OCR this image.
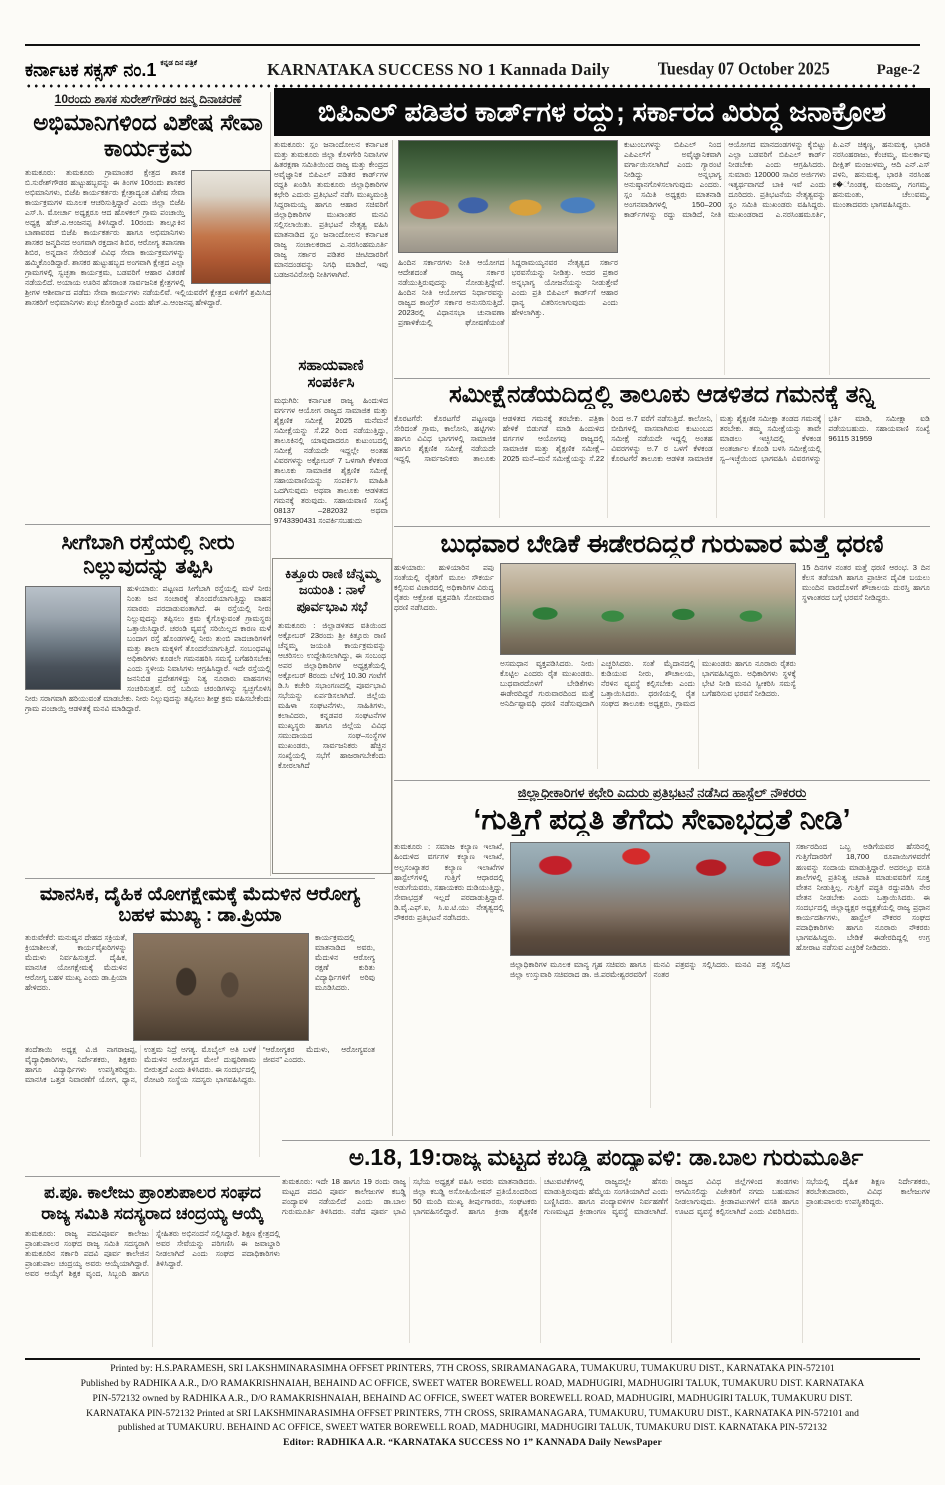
ಕರ್ನಾಟಕ ಸಕ್ಸಸ್ ನಂ.1 $^{ಕನ್ನಡ ದಿನ ಪತ್ರಿಕೆ}$	KARNATAKA SUCCESS NO 1 Kannada Daily	Tuesday 07 October 2025	Page-2
10ರಂದು ಶಾಸಕ ಸುರೇಶ್‌ಗೌಡರ ಜನ್ಮ ದಿನಾಚರಣೆ
ಅಭಿಮಾನಿಗಳಿಂದ ವಿಶೇಷ ಸೇವಾ ಕಾರ್ಯಕ್ರಮ
ತುಮಕೂರು: ತುಮಕೂರು ಗ್ರಾಮಾಂತರ ಕ್ಷೇತ್ರದ ಶಾಸಕ ಬಿ.ಸುರೇಶ್‌ಗೌಡರ ಹುಟ್ಟುಹಬ್ಬವನ್ನು ಈ ತಿಂಗಳ 10ರಂದು ಶಾಸಕರ ಅಭಿಮಾನಿಗಳು, ಬಿಜೆಪಿ ಕಾರ್ಯಕರ್ತರು ಕ್ಷೇತ್ರಾದ್ಯಂತ ವಿಶೇಷ ಸೇವಾ ಕಾರ್ಯಕ್ರಮಗಳ ಮೂಲಕ ಆಚರಿಸುತ್ತಿದ್ದಾರೆ ಎಂದು ಜಿಲ್ಲಾ ಬಿಜೆಪಿ ಎಸ್.ಸಿ. ಮೋರ್ಚಾ ಅಧ್ಯಕ್ಷರೂ ಆದ ಹೊಳಕಲ್ ಗ್ರಾಮ ಪಂಚಾಯ್ತಿ ಅಧ್ಯಕ್ಷ ಹೆಚ್.ಎ.ಆಂಜನಪ್ಪ ತಿಳಿಸಿದ್ದಾರೆ. 10ರಂದು ತಾಲ್ಲೂಕಿನ ಬಾಣಾವರದ ಬಿಜೆಪಿ ಕಾರ್ಯಕರ್ತರು ಹಾಗೂ ಅಭಿಮಾನಿಗಳು ಶಾಸಕರ ಜನ್ಮದಿನದ ಅಂಗವಾಗಿ ರಕ್ತದಾನ ಶಿಬಿರ, ಆರೋಗ್ಯ ತಪಾಸಣಾ ಶಿಬಿರ, ಅನ್ನದಾನ ಸೇರಿದಂತೆ ವಿವಿಧ ಸೇವಾ ಕಾರ್ಯಕ್ರಮಗಳನ್ನು ಹಮ್ಮಿಕೊಂಡಿದ್ದಾರೆ. ಶಾಸಕರ ಹುಟ್ಟುಹಬ್ಬದ ಅಂಗವಾಗಿ ಕ್ಷೇತ್ರದ ಎಲ್ಲಾ ಗ್ರಾಮಗಳಲ್ಲಿ ಸ್ವಚ್ಛತಾ ಕಾರ್ಯಕ್ರಮ, ಬಡವರಿಗೆ ಆಹಾರ ವಿತರಣೆ ನಡೆಯಲಿದೆ. ಅಯಾಯ ಊರಿನ ಹೆಸರಾಂತ ಸಾರ್ವಜನಿಕ ಕ್ಷೇತ್ರಗಳಲ್ಲಿ ಶ್ರೀಗಳ ಆಶೀರ್ವಾದ ಪಡೆದು ಸೇವಾ ಕಾರ್ಯಗಳು ನಡೆಯಲಿವೆ. ಇಲ್ಲಿಯವರೆಗೆ ಕ್ಷೇತ್ರದ ಏಳಿಗೆಗೆ ಶ್ರಮಿಸಿದ ಶಾಸಕರಿಗೆ ಅಭಿಮಾನಿಗಳು ಶುಭ ಕೋರಿದ್ದಾರೆ ಎಂದು ಹೆಚ್.ಎ.ಆಂಜನಪ್ಪ ಹೇಳಿದ್ದಾರೆ.
ಬಿಪಿಎಲ್ ಪಡಿತರ ಕಾರ್ಡ್‌ಗಳ ರದ್ದು; ಸರ್ಕಾರದ ವಿರುದ್ಧ ಜನಾಕ್ರೋಶ
ತುಮಕೂರು: ಸ್ಲಂ ಜನಾಂದೋಲನ ಕರ್ನಾಟಕ ಮತ್ತು ತುಮಕೂರು ಜಿಲ್ಲಾ ಕೊಳಗೇರಿ ನಿವಾಸಿಗಳ ಹಿತರಕ್ಷಣಾ ಸಮಿತಿಯಿಂದ ರಾಜ್ಯ ಮತ್ತು ಕೇಂದ್ರದ ಅವೈಜ್ಞಾನಿಕ ಬಿಪಿಎಲ್ ಪಡಿತರ ಕಾರ್ಡ್‌ಗಳ ರದ್ದತಿ ಖಂಡಿಸಿ ತುಮಕೂರು ಜಿಲ್ಲಾಧಿಕಾರಿಗಳ ಕಛೇರಿ ಎದುರು ಪ್ರತಿಭಟನೆ ನಡೆಸಿ ಮುಖ್ಯಮಂತ್ರಿ ಸಿದ್ದರಾಮಯ್ಯ ಹಾಗೂ ಆಹಾರ ಸಚಿವರಿಗೆ ಜಿಲ್ಲಾಧಿಕಾರಿಗಳ ಮುಖಾಂತರ ಮನವಿ ಸಲ್ಲಿಸಲಾಯಿತು. ಪ್ರತಿಭಟನೆ ನೇತೃತ್ವ ವಹಿಸಿ ಮಾತನಾಡಿದ ಸ್ಲಂ ಜನಾಂದೋಲನ ಕರ್ನಾಟಕ ರಾಜ್ಯ ಸಂಚಾಲಕರಾದ ಎ.ನರಸಿಂಹಮೂರ್ತಿ ರಾಜ್ಯ ಸರ್ಕಾರ ಪಡಿತರ ಚೀಟಿದಾರರಿಗೆ ಮಾನದಂಡವನ್ನು ನಿಗಧಿ ಮಾಡಿದೆ, ಇವು ಬಡಜನವಿರೋಧಿ ನೀತಿಗಳಾಗಿವೆ.
ಹಿಂದಿನ ಸರ್ಕಾರಗಳು ನೀತಿ ಆಯೋಗದ ಆದೇಶದಂತೆ ರಾಜ್ಯ ಸರ್ಕಾರ ನಡೆಯುತ್ತಿರುವುದನ್ನು ನೋಡುತ್ತಿದ್ದೇವೆ. ಹಿಂದಿನ ನೀತಿ ಆಯೋಗದ ನಿರ್ಧಾರವನ್ನು ರಾಜ್ಯದ ಕಾಂಗ್ರೆಸ್ ಸರ್ಕಾರ ಅನುಸರಿಸುತ್ತಿದೆ. 2023ರಲ್ಲಿ ವಿಧಾನಸಭಾ ಚುನಾವಣಾ ಪ್ರಣಾಳಿಕೆಯಲ್ಲಿ ಘೋಷಣೆಯಂತೆ ಸಿದ್ದರಾಮಯ್ಯನವರ ನೇತೃತ್ವದ ಸರ್ಕಾರ ಭರವಸೆಯನ್ನು ನೀಡಿತ್ತು. ಅದರ ಪ್ರಕಾರ ಅನ್ನಭಾಗ್ಯ ಯೋಜನೆಯನ್ನು ನೀಡುತ್ತೇವೆ ಎಂದು ಪ್ರತಿ ಬಿಪಿಎಲ್ ಕಾರ್ಡ್‌ಗೆ ಆಹಾರ ಧಾನ್ಯ ವಿತರಿಸಲಾಗುವುದು ಎಂದು ಹೇಳಲಾಗಿತ್ತು.
ಕುಟುಂಬಗಳನ್ನು ಬಿಪಿಎಲ್ ನಿಂದ ಎಪಿಎಲ್‌ಗೆ ಅವೈಜ್ಞಾನಿಕವಾಗಿ ವರ್ಗಾಯಿಸಲಾಗಿದೆ ಎಂದು ಗ್ಯಾರಂಟಿ ನೀಡಿದ್ದು ಅನ್ನಭಾಗ್ಯ ಅನುಷ್ಠಾನಗೊಳಿಸಲಾಗುವುದು ಎಂದರು. ಸ್ಲಂ ಸಮಿತಿ ಅಧ್ಯಕ್ಷರು ಮಾತನಾಡಿ ಅಂಗನವಾಡಿಗಳಲ್ಲಿ 150–200 ಕಾರ್ಡ್‌ಗಳನ್ನು ರದ್ದು ಮಾಡಿದೆ, ನೀತಿ ಆಯೋಗದ ಮಾನದಂಡಗಳನ್ನು ಕೈಬಿಟ್ಟು ಎಲ್ಲಾ ಬಡವರಿಗೆ ಬಿಪಿಎಲ್ ಕಾರ್ಡ್ ನೀಡಬೇಕು ಎಂದು ಆಗ್ರಹಿಸಿದರು. ಸುಮಾರು 120000 ಸಾವಿರ ಅರ್ಜಿಗಳು ಇತ್ಯರ್ಥವಾಗದೆ ಬಾಕಿ ಇವೆ ಎಂದು ದೂರಿದರು. ಪ್ರತಿಭಟನೆಯ ನೇತೃತ್ವವನ್ನು ಸ್ಲಂ ಸಮಿತಿ ಮುಖಂಡರು ವಹಿಸಿದ್ದರು. ಮುಖಂಡರಾದ ಎ.ನರಸಿಂಹಮೂರ್ತಿ, ಪಿ.ಎನ್ ಚಿಕ್ಕಣ್ಣ, ಹನುಮಕ್ಕ, ಭಾರತಿ ನರಸಿಂಹರಾಜು, ಕೆಂಚಮ್ಮ, ಮಲರ್ಕಾವು ದೀಕ್ಷಿತ್ ಮಂಜುಳಮ್ಮ, ಆದಿ ಎನ್.ಎಸ್ ಪಳನಿ, ಹನುಮಕ್ಕ, ಭಾರತಿ ನರಸಿಂಹ ಕ�ೊಂಡಕ್ಕ, ಮಂಜಮ್ಮ, ಗಂಗಮ್ಮ, ಹನುಮಂತು, ಚೆಲುವಮ್ಮ, ಮುಂತಾದವರು ಭಾಗವಹಿಸಿದ್ದರು.
ಸಹಾಯವಾಣಿ ಸಂಪರ್ಕಿಸಿ
ಮಧುಗಿರಿ: ಕರ್ನಾಟಕ ರಾಜ್ಯ ಹಿಂದುಳಿದ ವರ್ಗಗಳ ಆಯೋಗ ರಾಜ್ಯದ ಸಾಮಾಜಿಕ ಮತ್ತು ಶೈಕ್ಷಣಿಕ ಸಮೀಕ್ಷೆ 2025 ಮನೆಮನೆ ಸಮೀಕ್ಷೆಯನ್ನು ಸೆ.22 ರಿಂದ ನಡೆಯುತ್ತಿದ್ದು, ತಾಲೂಕಿನಲ್ಲಿ ಯಾವುದಾದರೂ ಕುಟುಂಬದಲ್ಲಿ ಸಮೀಕ್ಷೆ ನಡೆಯದೇ ಇದ್ದಲ್ಲೇ ಅಂತಹ ವಿವರಗಳನ್ನು ಅಕ್ಟೋಬರ್ 7 ಒಳಗಾಗಿ ಕೆಳಕಂಡ ತಾಲೂಕು ಸಾಮಾಜಿಕ ಶೈಕ್ಷಣಿಕ ಸಮೀಕ್ಷೆ ಸಹಾಯವಾಣಿಯನ್ನು ಸಂಪರ್ಕಿಸಿ ಮಾಹಿತಿ ಒದಗಿಸುವುದು ಅಥವಾ ತಾಲೂಕು ಆಡಳಿತದ ಗಮನಕ್ಕೆ ತರುವುದು. ಸಹಾಯವಾಣಿ ಸಂಖ್ಯೆ 08137 –282032 ಅಥವಾ 9743390431 ಸಂಪರ್ಕಿಸಬಹುದು
ಕಿತ್ತೂರು ರಾಣಿ ಚೆನ್ನಮ್ಮ ಜಯಂತಿ : ನಾಳೆ ಪೂರ್ವಭಾವಿ ಸಭೆ
ತುಮಕೂರು : ಜಿಲ್ಲಾಡಳಿತದ ವತಿಯಿಂದ ಅಕ್ಟೋಬರ್ 23ರಂದು ಶ್ರೀ ಕಿತ್ತೂರು ರಾಣಿ ಚೆನ್ನಮ್ಮ ಜಯಂತಿ ಕಾರ್ಯಕ್ರಮವನ್ನು ಆಚರಿಸಲು ಉದ್ದೇಶಿಸಲಾಗಿದ್ದು, ಈ ಸಂಬಂಧ ಅಪರ ಜಿಲ್ಲಾಧಿಕಾರಿಗಳ ಅಧ್ಯಕ್ಷತೆಯಲ್ಲಿ ಅಕ್ಟೋಬರ್ 8ರಂದು ಬೆಳಿಗ್ಗೆ 10.30 ಗಂಟೆಗೆ ಡಿ.ಸಿ ಕಚೇರಿ ಸಭಾಂಗಣದಲ್ಲಿ ಪೂರ್ವಭಾವಿ ಸಭೆಯನ್ನು ಏರ್ಪಡಿಸಲಾಗಿದೆ. ಜಿಲ್ಲೆಯ ಮಹಿಳಾ ಸಂಘಟನೆಗಳು, ಸಾಹಿತಿಗಳು, ಕಲಾವಿದರು, ಕನ್ನಡಪರ ಸಂಘಟನೆಗಳ ಮುಖ್ಯಸ್ಥರು ಹಾಗೂ ಜಿಲ್ಲೆಯ ವಿವಿಧ ಸಮುದಾಯದ ಸಂಘ–ಸಂಸ್ಥೆಗಳ ಮುಖಂಡರು, ಸಾರ್ವಜನಿಕರು ಹೆಚ್ಚಿನ ಸಂಖ್ಯೆಯಲ್ಲಿ ಸಭೆಗೆ ಹಾಜರಾಗಬೇಕೆಂದು ಕೋರಲಾಗಿದೆ
ಸಮೀಕ್ಷೆನಡೆಯದಿದ್ದಲ್ಲಿ ತಾಲೂಕು ಆಡಳಿತದ ಗಮನಕ್ಕೆ ತನ್ನಿ
ಕೊರಟಗೆರೆ: ಕೊರಟಗೆರೆ ಪಟ್ಟಣವೂ ಸೇರಿದಂತೆ ಗ್ರಾಮ, ಕಾಲೋನಿ, ಹಟ್ಟಿಗಳು ಹಾಗೂ ವಿವಿಧ ಭಾಗಗಳಲ್ಲಿ ಸಾಮಾಜಿಕ ಹಾಗೂ ಶೈಕ್ಷಣಿಕ ಸಮೀಕ್ಷೆ ನಡೆಯದೇ ಇದ್ದಲ್ಲಿ ಸಾರ್ವಜನಿಕರು ತಾಲೂಕು ಆಡಳಿತದ ಗಮನಕ್ಕೆ ತರಬೇಕು. ಪತ್ರಿಕಾ ಹೇಳಿಕೆ ಬಿಡುಗಡೆ ಮಾಡಿ ಹಿಂದುಳಿದ ವರ್ಗಗಳ ಆಯೋಗವು ರಾಜ್ಯದಲ್ಲಿ ಸಾಮಾಜಿಕ ಮತ್ತು ಶೈಕ್ಷಣಿಕ ಸಮೀಕ್ಷೆ–2025 ಮನೆ–ಮನೆ ಸಮೀಕ್ಷೆಯನ್ನು ಸೆ.22 ರಿಂದ ಅ.7 ವರೆಗೆ ನಡೆಸುತ್ತಿದೆ. ಕಾಲೋನಿ, ಬೀದಿಗಳಲ್ಲಿ ವಾಸವಾಗಿರುವ ಕುಟುಂಬದ ಸಮೀಕ್ಷೆ ನಡೆಯದೇ ಇದ್ದಲ್ಲಿ ಅಂತಹ ವಿವರಗಳನ್ನು ಅ.7 ರ ಒಳಗೆ ಕೆಳಕಂಡ ಕೊರಟಗೆರೆ ತಾಲೂಕು ಆಡಳಿತ ಸಾಮಾಜಿಕ ಮತ್ತು ಶೈಕ್ಷಣಿಕ ಸಮೀಕ್ಷಾ ತಂಡದ ಗಮನಕ್ಕೆ ತರಬೇಕು. ತಮ್ಮ ಸಮೀಕ್ಷೆಯನ್ನು ತಾವೇ ಮಾಡಲು ಇಚ್ಛಿಸಿದಲ್ಲಿ ಕೆಳಕಂಡ ಅಂತರ್ಜಾಲ ಕೊಂಡಿ ಬಳಸಿ ಸಮೀಕ್ಷೆಯಲ್ಲಿ ಸ್ವ–ಇಚ್ಛೆಯಿಂದ ಭಾಗವಹಿಸಿ ವಿವರಗಳನ್ನು ಭರ್ತಿ ಮಾಡಿ, ಸಮೀಕ್ಷಾ ಐಡಿ ಪಡೆಯಬಹುದು. ಸಹಾಯವಾಣಿ ಸಂಖ್ಯೆ 96115 31959
ಬುಧವಾರ ಬೇಡಿಕೆ ಈಡೇರದಿದ್ದರೆ ಗುರುವಾರ ಮತ್ತೆ ಧರಣಿ
ಹುಳಿಯಾರು: ಹುಳಿಯಾರಿನ ಪಪು ಸಂತೆಯಲ್ಲಿ ರೈತರಿಗೆ ಮೂಲ ಸೌಕರ್ಯ ಕಲ್ಪಿಸುವ ವಿಚಾರದಲ್ಲಿ ಅಧಿಕಾರಿಗಳ ವಿರುದ್ಧ ರೈತರು ಆಕ್ರೋಶ ವ್ಯಕ್ತಪಡಿಸಿ ಸೋಮವಾರ ಧರಣಿ ನಡೆಸಿದರು.
ಅಸಮಧಾನ ವ್ಯಕ್ತಪಡಿಸಿದರು. ನೀರು ಕೊಟ್ಟಿಲ ಎಂದರು ರೈತ ಮುಖಂಡರು. ಬುಧವಾರದೊಳಗೆ ಬೇಡಿಕೆಗಳು ಈಡೇರದಿದ್ದರೆ ಗುರುವಾರದಿಂದ ಮತ್ತೆ ಅನಿರ್ದಿಷ್ಟಾವಧಿ ಧರಣಿ ನಡೆಸುವುದಾಗಿ ಎಚ್ಚರಿಸಿದರು. ಸಂತೆ ಮೈದಾನದಲ್ಲಿ ಕುಡಿಯುವ ನೀರು, ಶೌಚಾಲಯ, ನೆರಳಿನ ವ್ಯವಸ್ಥೆ ಕಲ್ಪಿಸಬೇಕು ಎಂದು ಒತ್ತಾಯಿಸಿದರು. ಧರಣಿಯಲ್ಲಿ ರೈತ ಸಂಘದ ತಾಲೂಕು ಅಧ್ಯಕ್ಷರು, ಗ್ರಾಮದ ಮುಖಂಡರು ಹಾಗೂ ನೂರಾರು ರೈತರು ಭಾಗವಹಿಸಿದ್ದರು. ಅಧಿಕಾರಿಗಳು ಸ್ಥಳಕ್ಕೆ ಭೇಟಿ ನೀಡಿ ಮನವಿ ಸ್ವೀಕರಿಸಿ ಸಮಸ್ಯೆ ಬಗೆಹರಿಸುವ ಭರವಸೆ ನೀಡಿದರು.
15 ದಿನಗಳ ನಂತರ ಮತ್ತೆ ಧರಣಿ ಆರಂಭ. 3 ದಿನ ಕೆಲಸ ತಡೆಯಾಗಿ ಹಾಗೂ ಪ್ರಾಚೀನ ದೈವಿಕ ಬಯಲು ಮುಂದಿನ ವಾರದೊಳಗೆ ಶೌಚಾಲಯ ದುರಸ್ತಿ ಹಾಗೂ ಸ್ಥಳಾಂತರದ ಬಗ್ಗೆ ಭರವಸೆ ನೀಡಿದ್ದರು.
ಸೀಗೆಬಾಗಿ ರಸ್ತೆಯಲ್ಲಿ ನೀರು ನಿಲ್ಲುವುದನ್ನು ತಪ್ಪಿಸಿ
ಹುಳಿಯಾರು: ಪಟ್ಟಣದ ಸೀಗೆಬಾಗಿ ರಸ್ತೆಯಲ್ಲಿ ಮಳೆ ನೀರು ನಿಂತು ಜನ ಸಂಚಾರಕ್ಕೆ ತೊಂದರೆಯಾಗುತ್ತಿದ್ದು ವಾಹನ ಸವಾರರು ಪರದಾಡುವಂತಾಗಿದೆ. ಈ ರಸ್ತೆಯಲ್ಲಿ ನೀರು ನಿಲ್ಲುವುದನ್ನು ತಪ್ಪಿಸಲು ಕ್ರಮ ಕೈಗೊಳ್ಳುವಂತೆ ಗ್ರಾಮಸ್ಥರು ಒತ್ತಾಯಿಸಿದ್ದಾರೆ. ಚರಂಡಿ ವ್ಯವಸ್ಥೆ ಸರಿಯಿಲ್ಲದ ಕಾರಣ ಮಳೆ ಬಂದಾಗ ರಸ್ತೆ ಹೊಂಡಗಳಲ್ಲಿ ನೀರು ತುಂಬಿ ಪಾದಚಾರಿಗಳಿಗೆ ಮತ್ತು ಶಾಲಾ ಮಕ್ಕಳಿಗೆ ತೊಂದರೆಯಾಗುತ್ತಿದೆ. ಸಂಬಂಧಪಟ್ಟ ಅಧಿಕಾರಿಗಳು ಕೂಡಲೇ ಗಮನಹರಿಸಿ ಸಮಸ್ಯೆ ಬಗೆಹರಿಸಬೇಕು ಎಂದು ಸ್ಥಳೀಯ ನಿವಾಸಿಗಳು ಆಗ್ರಹಿಸಿದ್ದಾರೆ. ಇದೇ ರಸ್ತೆಯಲ್ಲಿ ಜನನಿಬಿಡ ಪ್ರದೇಶಗಳಿದ್ದು ನಿತ್ಯ ನೂರಾರು ವಾಹನಗಳು ಸಂಚರಿಸುತ್ತವೆ. ರಸ್ತೆ ಬದಿಯ ಚರಂಡಿಗಳನ್ನು ಸ್ವಚ್ಛಗೊಳಿಸಿ ನೀರು ಸರಾಗವಾಗಿ ಹರಿಯುವಂತೆ ಮಾಡಬೇಕು. ನೀರು ನಿಲ್ಲುವುದನ್ನು ತಪ್ಪಿಸಲು ಶೀಘ್ರ ಕ್ರಮ ವಹಿಸಬೇಕೆಂದು ಗ್ರಾಮ ಪಂಚಾಯ್ತಿ ಆಡಳಿತಕ್ಕೆ ಮನವಿ ಮಾಡಿದ್ದಾರೆ.
ಜಿಲ್ಲಾಧೀಕಾರಿಗಳ ಕಛೇರಿ ಎದುರು ಪ್ರತಿಭಟನೆ ನಡೆಸಿದ ಹಾಸ್ಟೆಲ್ ನೌಕರರು
‘ಗುತ್ತಿಗೆ ಪದ್ಧತಿ ತೆಗೆದು ಸೇವಾಭದ್ರತೆ ನೀಡಿ’
ತುಮಕೂರು : ಸಮಾಜ ಕಲ್ಯಾಣ ಇಲಾಖೆ, ಹಿಂದುಳಿದ ವರ್ಗಗಳ ಕಲ್ಯಾಣ ಇಲಾಖೆ, ಅಲ್ಪಸಂಖ್ಯಾತರ ಕಲ್ಯಾಣ ಇಲಾಖೆಗಳ ಹಾಸ್ಟೆಲ್‌ಗಳಲ್ಲಿ ಗುತ್ತಿಗೆ ಆಧಾರದಲ್ಲಿ ಅಡುಗೆಯವರು, ಸಹಾಯಕರು ದುಡಿಯುತ್ತಿದ್ದು, ಸೇವಾಭದ್ರತೆ ಇಲ್ಲದೆ ಪರದಾಡುತ್ತಿದ್ದಾರೆ. ಡಿ.ವೈ.ಎಫ್.ಐ, ಸಿ.ಐ.ಟಿ.ಯು ನೇತೃತ್ವದಲ್ಲಿ ನೌಕರರು ಪ್ರತಿಭಟನೆ ನಡೆಸಿದರು.
ಜಿಲ್ಲಾಧಿಕಾರಿಗಳ ಮೂಲಕ ಮಾನ್ಯ ಗೃಹ ಸಚಿವರು ಹಾಗೂ ಜಿಲ್ಲಾ ಉಸ್ತುವಾರಿ ಸಚಿವರಾದ ಡಾ. ಜಿ.ಪರಮೇಶ್ವರರವರಿಗೆ ಮನವಿ ಪತ್ರವನ್ನು ಸಲ್ಲಿಸಿದರು. ಮನವಿ ಪತ್ರ ಸಲ್ಲಿಸಿದ ನಂತರ
ಸರ್ಕಾರದಿಂದ ಒಬ್ಬ ಅಡಿಗೆಯವರ ಹೆಸರಿನಲ್ಲಿ ಗುತ್ತಿಗೆದಾರರಿಗೆ 18,700 ರೂಪಾಯಿಗಳವರೆಗೆ ಹಣವನ್ನು ಸಂದಾಯ ಮಾಡುತ್ತಿದ್ದಾರೆ. ಅದರಲ್ಲೂ ವಸತಿ ಶಾಲೆಗಳಲ್ಲಿ ಪ್ರತಿನಿತ್ಯ ಚಪಾತಿ ಮಾಡುವವರಿಗೆ ಸೂಕ್ತ ವೇತನ ನೀಡುತ್ತಿಲ್ಲ. ಗುತ್ತಿಗೆ ಪದ್ಧತಿ ರದ್ದುಪಡಿಸಿ ನೇರ ವೇತನ ನೀಡಬೇಕು ಎಂದು ಒತ್ತಾಯಿಸಿದರು. ಈ ಸಂದರ್ಭದಲ್ಲಿ ಜಿಲ್ಲಾಧ್ಯಕ್ಷರ ಅಧ್ಯಕ್ಷತೆಯಲ್ಲಿ ರಾಜ್ಯ ಪ್ರಧಾನ ಕಾರ್ಯದರ್ಶಿಗಳು, ಹಾಸ್ಟೆಲ್ ನೌಕರರ ಸಂಘದ ಪದಾಧಿಕಾರಿಗಳು ಹಾಗೂ ನೂರಾರು ನೌಕರರು ಭಾಗವಹಿಸಿದ್ದರು. ಬೇಡಿಕೆ ಈಡೇರದಿದ್ದಲ್ಲಿ ಉಗ್ರ ಹೋರಾಟ ನಡೆಸುವ ಎಚ್ಚರಿಕೆ ನೀಡಿದರು.
ಮಾನಸಿಕ, ದೈಹಿಕ ಯೋಗಕ್ಷೇಮಕ್ಕೆ ಮೆದುಳಿನ ಆರೋಗ್ಯ ಬಹಳ ಮುಖ್ಯ : ಡಾ.ಪ್ರಿಯಾ
ತುರುವೇಕೆರೆ: ಮನುಷ್ಯನ ದೇಹದ ಸಕ್ರಿಯತೆ, ಕ್ರಿಯಾಶೀಲತೆ, ಕಾರ್ಯವೈಖರಿಗಳನ್ನು ಮೆದುಳು ನಿರ್ವಹಿಸುತ್ತದೆ. ದೈಹಿಕ, ಮಾನಸಿಕ ಯೋಗಕ್ಷೇಮಕ್ಕೆ ಮೆದುಳಿನ ಆರೋಗ್ಯ ಬಹಳ ಮುಖ್ಯ ಎಂದು ಡಾ.ಪ್ರಿಯಾ ಹೇಳಿದರು.
ಕಾರ್ಯಕ್ರಮದಲ್ಲಿ ಮಾತನಾಡಿದ ಅವರು, ಮೆದುಳಿನ ಆರೋಗ್ಯ ರಕ್ಷಣೆ ಕುರಿತು ವಿದ್ಯಾರ್ಥಿಗಳಿಗೆ ಅರಿವು ಮೂಡಿಸಿದರು.
ತಂದೆತಾಯಿ ಅಧ್ಯಕ್ಷ ವಿ.ಜಿ ನಾಗರಾಜಪ್ಪ, ವೈದ್ಯಾಧಿಕಾರಿಗಳು, ನಿರ್ದೇಶಕರು, ಶಿಕ್ಷಕರು ಹಾಗೂ ವಿದ್ಯಾರ್ಥಿಗಳು ಉಪಸ್ಥಿತರಿದ್ದರು. ಮಾನಸಿಕ ಒತ್ತಡ ನಿವಾರಣೆಗೆ ಯೋಗ, ಧ್ಯಾನ, ಉತ್ತಮ ನಿದ್ರೆ ಅಗತ್ಯ. ಮೊಬೈಲ್ ಅತಿ ಬಳಕೆ ಮೆದುಳಿನ ಆರೋಗ್ಯದ ಮೇಲೆ ದುಷ್ಪರಿಣಾಮ ಬೀರುತ್ತದೆ ಎಂದು ತಿಳಿಸಿದರು. ಈ ಸಂದರ್ಭದಲ್ಲಿ ರೋಟರಿ ಸಂಸ್ಥೆಯ ಸದಸ್ಯರು ಭಾಗವಹಿಸಿದ್ದರು. “ಆರೋಗ್ಯಕರ ಮೆದುಳು, ಆರೋಗ್ಯವಂತ ಜೀವನ” ಎಂದರು.
ಪ.ಪೂ. ಕಾಲೇಜು ಪ್ರಾಂಶುಪಾಲರ ಸಂಘದ
ರಾಜ್ಯ ಸಮಿತಿ ಸದಸ್ಯರಾದ ಚಂದ್ರಯ್ಯ ಆಯ್ಕೆ
ತುಮಕೂರು: ರಾಜ್ಯ ಪದವಿಪೂರ್ವ ಕಾಲೇಜು ಪ್ರಾಂಶುಪಾಲರ ಸಂಘದ ರಾಜ್ಯ ಸಮಿತಿ ಸದಸ್ಯರಾಗಿ ತುಮಕೂರಿನ ಸರ್ಕಾರಿ ಪದವಿ ಪೂರ್ವ ಕಾಲೇಜಿನ ಪ್ರಾಂಶುಪಾಲ ಚಂದ್ರಯ್ಯ ಅವರು ಆಯ್ಕೆಯಾಗಿದ್ದಾರೆ. ಅವರ ಆಯ್ಕೆಗೆ ಶಿಕ್ಷಕ ವೃಂದ, ಸಿಬ್ಬಂದಿ ಹಾಗೂ ಸ್ನೇಹಿತರು ಅಭಿನಂದನೆ ಸಲ್ಲಿಸಿದ್ದಾರೆ. ಶಿಕ್ಷಣ ಕ್ಷೇತ್ರದಲ್ಲಿ ಅವರ ಸೇವೆಯನ್ನು ಪರಿಗಣಿಸಿ ಈ ಜವಾಬ್ದಾರಿ ನೀಡಲಾಗಿದೆ ಎಂದು ಸಂಘದ ಪದಾಧಿಕಾರಿಗಳು ತಿಳಿಸಿದ್ದಾರೆ.
ಅ.18, 19:ರಾಜ್ಯ ಮಟ್ಟದ ಕಬಡ್ಡಿ ಪಂದ್ಯಾವಳಿ: ಡಾ.ಬಾಲ ಗುರುಮೂರ್ತಿ
ತುಮಕೂರು: ಇದೇ 18 ಹಾಗೂ 19 ರಂದು ರಾಜ್ಯ ಮಟ್ಟದ ಪದವಿ ಪೂರ್ವ ಕಾಲೇಜುಗಳ ಕಬಡ್ಡಿ ಪಂದ್ಯಾವಳಿ ನಡೆಯಲಿದೆ ಎಂದು ಡಾ.ಬಾಲ ಗುರುಮೂರ್ತಿ ತಿಳಿಸಿದರು. ನಡೆದ ಪೂರ್ವ ಭಾವಿ ಸಭೆಯ ಅಧ್ಯಕ್ಷತೆ ವಹಿಸಿ ಅವರು ಮಾತನಾಡಿದರು. ಜಿಲ್ಲಾ ಕಬಡ್ಡಿ ಅಸೋಷಿಯೇಷನ್ ಪ್ರತಿಯೊಂದರಿಂದ 50 ಮಂದಿ ಮುಖ್ಯ ತೀರ್ಪುಗಾರರು, ಸಂಘಟಕರು ಭಾಗವಹಿಸಲಿದ್ದಾರೆ. ಹಾಗೂ ಕ್ರೀಡಾ ಶೈಕ್ಷಣಿಕ ಚಟುವಟಿಕೆಗಳಲ್ಲಿ ರಾಜ್ಯದಲ್ಲೇ ಹೆಸರು ಮಾಡುತ್ತಿರುವುದು ಹೆಮ್ಮೆಯ ಸಂಗತಿಯಾಗಿದೆ ಎಂದು ಬಣ್ಣಿಸಿದರು. ಹಾಗೂ ಪಂದ್ಯಾವಳಿಗಳ ನಿರ್ವಹಣೆಗೆ ಗುಣಮಟ್ಟದ ಕ್ರೀಡಾಂಗಣ ವ್ಯವಸ್ಥೆ ಮಾಡಲಾಗಿದೆ. ರಾಜ್ಯದ ವಿವಿಧ ಜಿಲ್ಲೆಗಳಿಂದ ತಂಡಗಳು ಆಗಮಿಸಲಿದ್ದು ವಿಜೇತರಿಗೆ ನಗದು ಬಹುಮಾನ ನೀಡಲಾಗುವುದು. ಕ್ರೀಡಾಪಟುಗಳಿಗೆ ವಸತಿ ಹಾಗೂ ಊಟದ ವ್ಯವಸ್ಥೆ ಕಲ್ಪಿಸಲಾಗಿದೆ ಎಂದು ವಿವರಿಸಿದರು. ಸಭೆಯಲ್ಲಿ ದೈಹಿಕ ಶಿಕ್ಷಣ ನಿರ್ದೇಶಕರು, ತರಬೇತುದಾರರು, ವಿವಿಧ ಕಾಲೇಜುಗಳ ಪ್ರಾಂಶುಪಾಲರು ಉಪಸ್ಥಿತರಿದ್ದರು.
Printed by: H.S.PARAMESH, SRI LAKSHMINARASIMHA OFFSET PRINTERS, 7TH CROSS, SRIRAMANAGARA, TUMAKURU, TUMAKURU DIST., KARNATAKA PIN-572101
Published by RADHIKA A.R., D/O RAMAKRISHNAIAH, BEHAIND AC OFFICE, SWEET WATER BOREWELL ROAD, MADHUGIRI, MADHUGIRI TALUK, TUMAKURU DIST. KARNATAKA
PIN-572132 owned by RADHIKA A.R., D/O RAMAKRISHNAIAH, BEHAIND AC OFFICE, SWEET WATER BOREWELL ROAD, MADHUGIRI, MADHUGIRI TALUK, TUMAKURU DIST.
KARNATAKA PIN-572132 Printed at SRI LAKSHMINARASIMHA OFFSET PRINTERS, 7TH CROSS, SRIRAMANAGARA, TUMAKURU, TUMAKURU DIST., KARNATAKA PIN-572101 and
published at TUMAKURU. BEHAIND AC OFFICE, SWEET WATER BOREWELL ROAD, MADHUGIRI, MADHUGIRI TALUK, TUMAKURU DIST. KARNATAKA PIN-572132
Editor: RADHIKA A.R. “KARNATAKA SUCCESS NO 1” KANNADA Daily NewsPaper
